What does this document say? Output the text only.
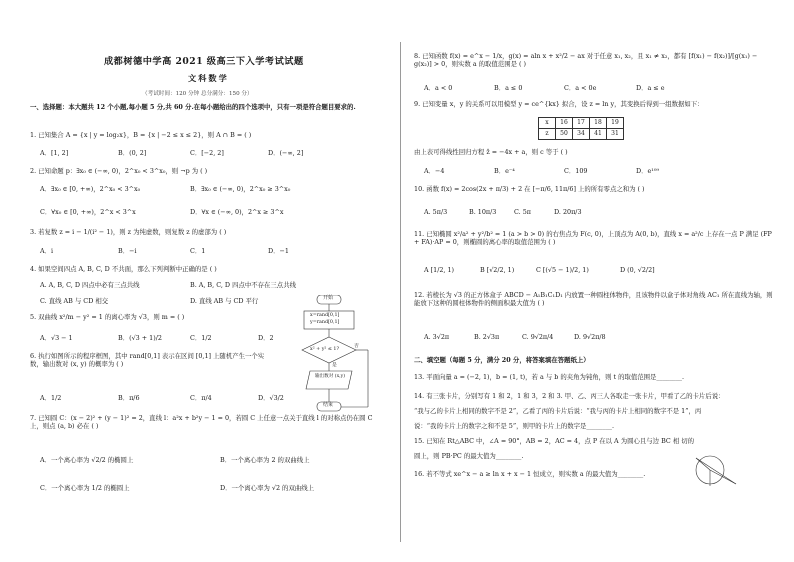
成都树德中学高 2021 级高三下入学考试试题
文科数学
（考试时间：120 分钟 总分满分：150 分）
一、选择题：本大题共 12 个小题,每小题 5 分,共 60 分.在每小题给出的四个选项中，只有一项是符合题目要求的.
1. 已知集合 A = {x | y = log₂x}，B = {x | −2 ≤ x ≤ 2}，则 A ∩ B = ( )
A．[1, 2]	B．(0, 2]	C．[−2, 2]	D．(−∞, 2]
2. 已知命题 p：∃x₀ ∈ (−∞, 0)，2^x₀ < 3^x₀，则 ¬p 为 ( )
A．∃x₀ ∈ [0, +∞)，2^x₀ < 3^x₀	B．∃x₀ ∈ (−∞, 0)，2^x₀ ≥ 3^x₀
C．∀x₀ ∈ [0, +∞)，2^x < 3^x	D．∀x ∈ (−∞, 0)，2^x ≥ 3^x
3. 若复数 z = i − 1/(i² − 1)，则 z 为纯虚数，则复数 z 的虚部为 ( )
A．i	B．−i	C．1	D．−1
4. 如果空间四点 A, B, C, D 不共面，那么下列判断中正确的是 ( )
A. A, B, C, D 四点中必有三点共线	B. A, B, C, D 四点中不存在三点共线
C. 直线 AB 与 CD 相交	D. 直线 AB 与 CD 平行
5. 双曲线 x²/m − y² = 1 的离心率为 √3，则 m = ( )
A．√3 − 1	B．(√3 + 1)/2	C．1/2	D．2
6. 执行如图所示的程序框图，其中 rand[0,1] 表示在区间 [0,1] 上随机产生一个实数，输出数对 (x, y) 的概率为 ( )
A．1/2	B．π/6	C．π/4	D．√3/2
7. 已知圆 C：(x − 2)² + (y − 1)² = 2，直线 l：a²x + b²y − 1 = 0，若圆 C 上任意一点关于直线 l 的对称点仍在圆 C 上，则点 (a, b) 必在 ( )
A．一个离心率为 √2/2 的椭圆上	B．一个离心率为 2 的双曲线上
C．一个离心率为 1/2 的椭圆上	D．一个离心率为 √2 的双曲线上
开始
x=rand[0,1]
y=rand[0,1]
x² + y² ≤ 1?
否
是
输出数对 (x,y)
结束
8. 已知函数 f(x) = e^x − 1/x，g(x) = aln x + x²/2 − ax 对于任意 x₁, x₂，且 x₁ ≠ x₂，都有 [f(x₁) − f(x₂)]/[g(x₁) − g(x₂)] > 0，则实数 a 的取值范围是 ( )
A．a < 0	B．a ≤ 0	C．a < 0e	D．a ≤ e
9. 已知变量 x，y 的关系可以用模型 y = ce^{kx} 拟合，设 z = ln y，其变换后得到一组数据如下：
x	16	17	18	19
z	50	34	41	31
由上表可得线性回归方程 ẑ = −4x + a，则 c 等于 ( )
A．−4	B．e⁻⁴	C．109	D．e¹⁰⁹
10. 函数 f(x) = 2cos(2x + π/3) + 2 在 [−π/6, 11π/6] 上的所有零点之和为 ( )
A. 5π/3	B. 10π/3	C. 5π	D. 20π/3
11. 已知椭圆 x²/a² + y²/b² = 1 (a > b > 0) 的右焦点为 F(c, 0)，上顶点为 A(0, b)，直线 x = a²/c 上存在一点 P 满足 (FP + FA)·AP = 0，则椭圆的离心率的取值范围为 ( )
A [1/2, 1)	B [√2/2, 1)	C [(√5 − 1)/2, 1)	D (0, √2/2]
12. 若棱长为 √3 的正方体盒子 ABCD − A₁B₁C₁D₁ 内放置一种圆柱体物件，且该物件以盒子体对角线 AC₁ 所在直线为轴，则能放下这种的圆柱体物件的侧面积最大值为 ( )
A. 3√2π	B. 2√3π	C. 9√2π/4	D. 9√2π/8
二、填空题（每题 5 分，满分 20 分，将答案填在答题纸上）
13. 平面向量 a = (−2, 1)，b = (1, t)，若 a 与 b 的夹角为钝角，则 t 的取值范围是________.
14. 有三张卡片，分别写有 1 和 2，1 和 3，2 和 3. 甲、乙、丙三人各取走一张卡片，甲看了乙的卡片后说：
“我与乙的卡片上相同的数字不是 2”，乙看了丙的卡片后说：“我与丙的卡片上相同的数字不是 1”，丙
说：“我的卡片上的数字之和不是 5”，则甲的卡片上的数字是________.
15. 已知在 Rt△ABC 中，∠A = 90°，AB = 2，AC = 4，点 P 在以 A 为圆心且与边 BC 相 切的
圆上，则 PB·PC 的最大值为________.
16. 若不等式 xe^x − a ≥ ln x + x − 1 恒成立，则实数 a 的最大值为________.
